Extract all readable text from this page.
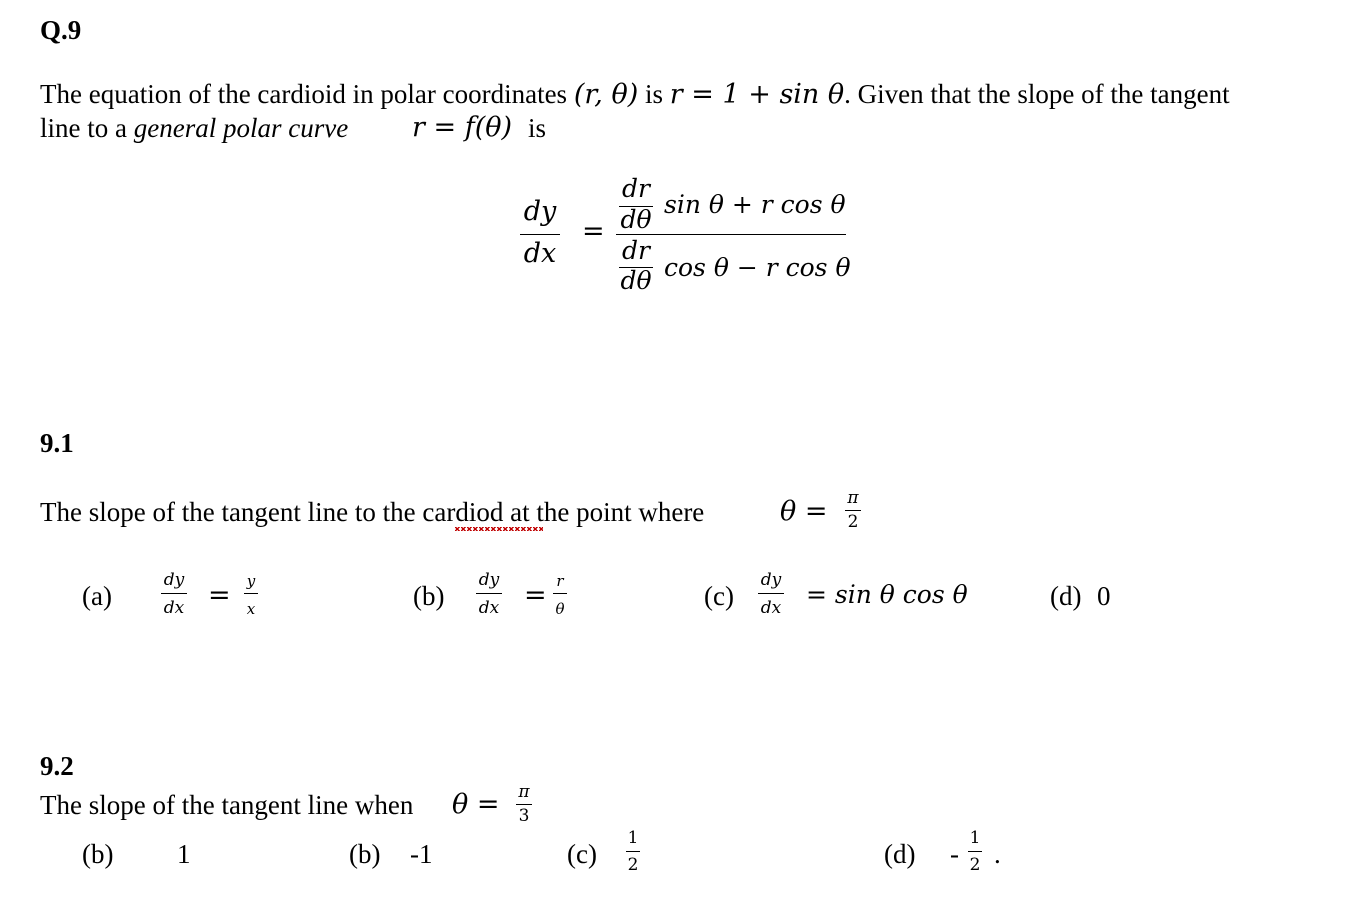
Q.9
The equation of the cardioid in polar coordinates (r, θ) is r = 1 + sin θ. Given that the slope of the tangent
line to a general polar curve r = f(θ) is
dy
dx
=
dr
dθ
sin θ + r cos θ
dr
dθ cos θ − r cos θ
9.1
The slope of the tangent line to the cardiod at the point where	θ =	π
2
(a)
dy
dx =	y
x	(b)
dy
dx = r
θ	(c)
dy
dx = sin θ cos θ	(d) 0
9.2
The slope of the tangent line when θ =	π
3
(b) 1	(b) -1	(c)
1
2	(d) -
1
2 .
